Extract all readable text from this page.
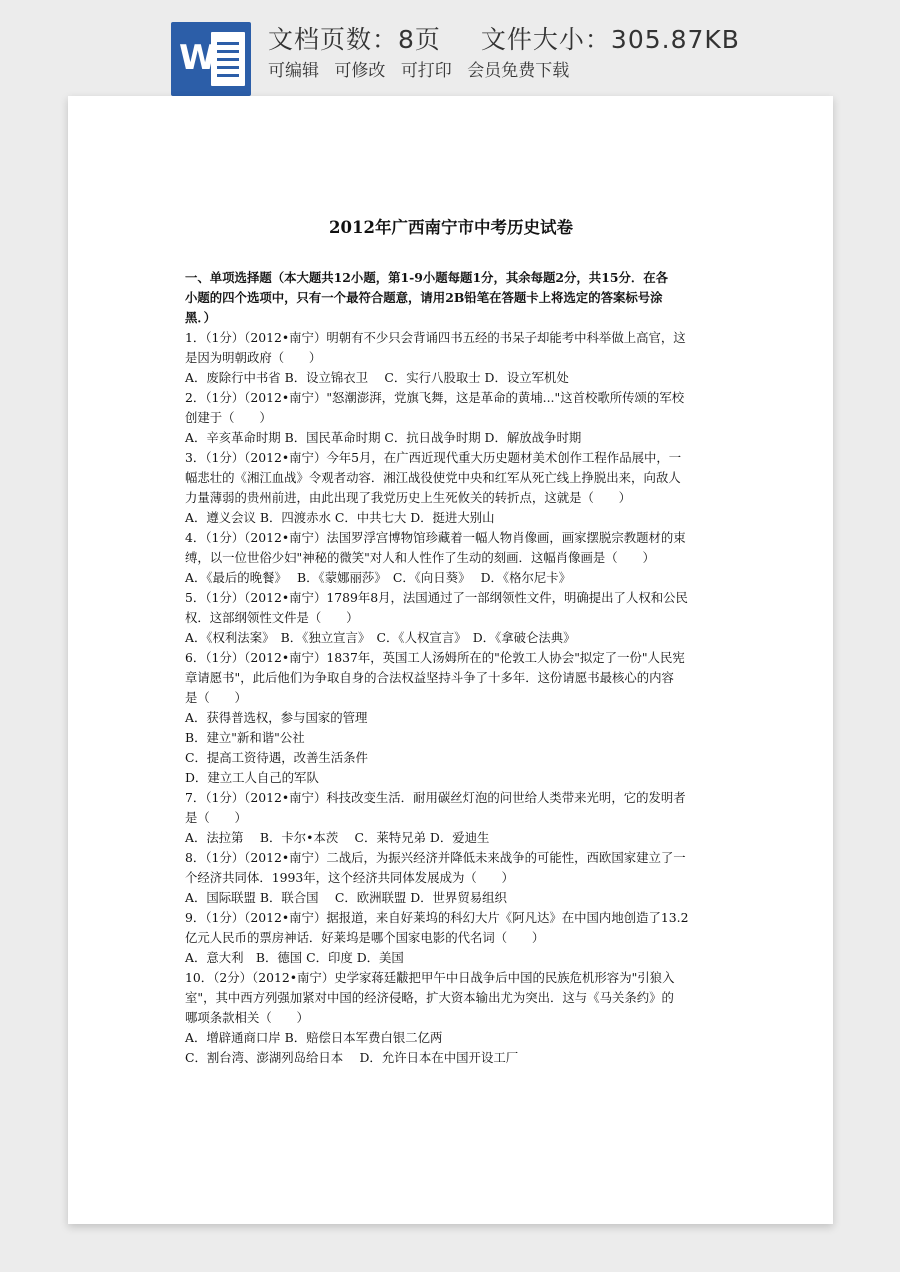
W 文档页数：8页 文件大小：305.87KB
可编辑 可修改 可打印 会员免费下载
2012年广西南宁市中考历史试卷

一、单项选择题（本大题共12小题，第1-9小题每题1分，其余每题2分，共15分．在各

小题的四个选项中，只有一个最符合题意，请用2B铅笔在答题卡上将选定的答案标号涂

黑．）

1．（1分）（2012•南宁）明朝有不少只会背诵四书五经的书呆子却能考中科举做上高官，这

是因为明朝政府（　　）

A．废除行中书省 B．设立锦衣卫　 C．实行八股取士 D．设立军机处

2．（1分）（2012•南宁）"怒潮澎湃，党旗飞舞，这是革命的黄埔..."这首校歌所传颂的军校

创建于（　　）

A．辛亥革命时期 B．国民革命时期 C．抗日战争时期 D．解放战争时期

3．（1分）（2012•南宁）今年5月，在广西近现代重大历史题材美术创作工程作品展中，一

幅悲壮的《湘江血战》令观者动容．湘江战役使党中央和红军从死亡线上挣脱出来，向敌人

力量薄弱的贵州前进，由此出现了我党历史上生死攸关的转折点，这就是（　　）

A．遵义会议 B．四渡赤水 C．中共七大 D．挺进大别山

4．（1分）（2012•南宁）法国罗浮宫博物馆珍藏着一幅人物肖像画，画家摆脱宗教题材的束

缚，以一位世俗少妇"神秘的微笑"对人和人性作了生动的刻画．这幅肖像画是（　　）

A．《最后的晚餐》　 B．《蒙娜丽莎》　C．《向日葵》　 D．《格尔尼卡》

5．（1分）（2012•南宁）1789年8月，法国通过了一部纲领性文件，明确提出了人权和公民

权．这部纲领性文件是（　　）

A．《权利法案》　B．《独立宣言》　C．《人权宣言》　D．《拿破仑法典》

6．（1分）（2012•南宁）1837年，英国工人汤姆所在的"伦敦工人协会"拟定了一份"人民宪

章请愿书"，此后他们为争取自身的合法权益坚持斗争了十多年．这份请愿书最核心的内容

是（　　）

A．获得普选权，参与国家的管理

B．建立"新和谐"公社

C．提高工资待遇，改善生活条件

D．建立工人自己的军队

7．（1分）（2012•南宁）科技改变生活．耐用碳丝灯泡的问世给人类带来光明，它的发明者

是（　　）

A．法拉第　 B．卡尔•本茨　 C．莱特兄弟 D．爱迪生

8．（1分）（2012•南宁）二战后，为振兴经济并降低未来战争的可能性，西欧国家建立了一

个经济共同体．1993年，这个经济共同体发展成为（　　）

A．国际联盟 B．联合国　 C．欧洲联盟 D．世界贸易组织

9．（1分）（2012•南宁）据报道，来自好莱坞的科幻大片《阿凡达》在中国内地创造了13.2

亿元人民币的票房神话．好莱坞是哪个国家电影的代名词（　　）

A．意大利　B．德国 C．印度 D．美国

10．（2分）（2012•南宁）史学家蒋廷黻把甲午中日战争后中国的民族危机形容为"引狼入

室"，其中西方列强加紧对中国的经济侵略，扩大资本输出尤为突出．这与《马关条约》的

哪项条款相关（　　）

A．增辟通商口岸 B．赔偿日本军费白银二亿两

C．割台湾、澎湖列岛给日本　 D．允许日本在中国开设工厂
